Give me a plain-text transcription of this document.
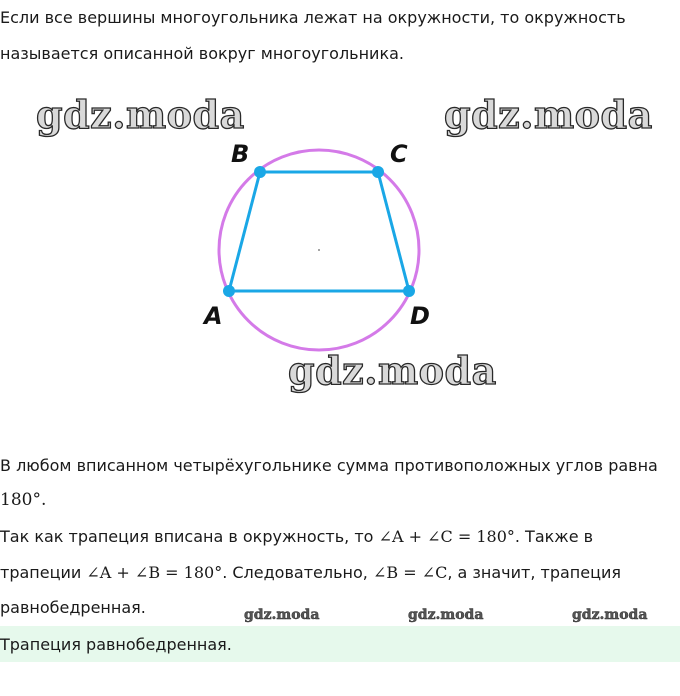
Если все вершины многоугольника лежат на окружности, то окружность
называется описанной вокруг многоугольника.
gdz.moda	gdz.moda
A
B	C
D
gdz.moda
В любом вписанном четырёхугольнике сумма противоположных углов равна
180°.
Так как трапеция вписана в окружность, то ∠A + ∠C = 180°. Также в
трапеции ∠A + ∠B = 180°. Следовательно, ∠B = ∠C, а значит, трапеция
равнобедренная.	gdz.moda	gdz.moda	gdz.moda
Трапеция равнобедренная.
